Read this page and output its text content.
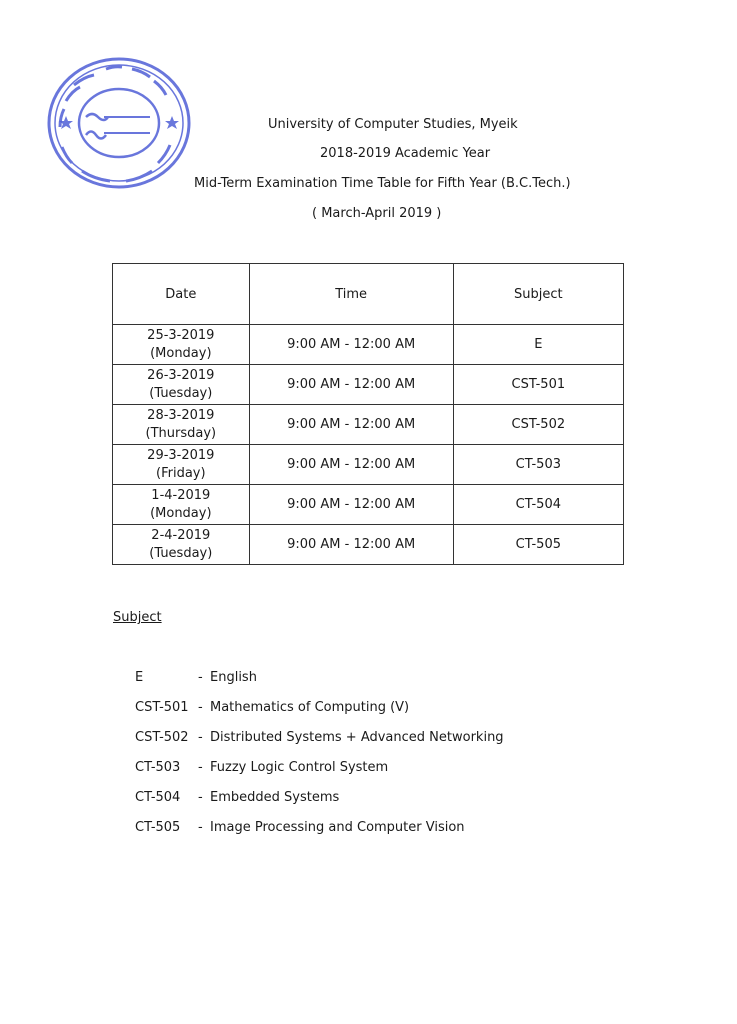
University of Computer Studies, Myeik
2018-2019 Academic Year
Mid-Term Examination Time Table for Fifth Year (B.C.Tech.)
( March-April 2019 )
Date	Time	Subject

25-3-2019
(Monday)	9:00 AM - 12:00 AM	E

26-3-2019
(Tuesday)	9:00 AM - 12:00 AM	CST-501

28-3-2019
(Thursday)	9:00 AM - 12:00 AM	CST-502

29-3-2019
(Friday)	9:00 AM - 12:00 AM	CT-503

1-4-2019
(Monday)	9:00 AM - 12:00 AM	CT-504

2-4-2019
(Tuesday)	9:00 AM - 12:00 AM	CT-505
Subject
E	- English
CST-501 - Mathematics of Computing (V)
CST-502 - Distributed Systems + Advanced Networking
CT-503 - Fuzzy Logic Control System
CT-504 - Embedded Systems
CT-505 - Image Processing and Computer Vision
